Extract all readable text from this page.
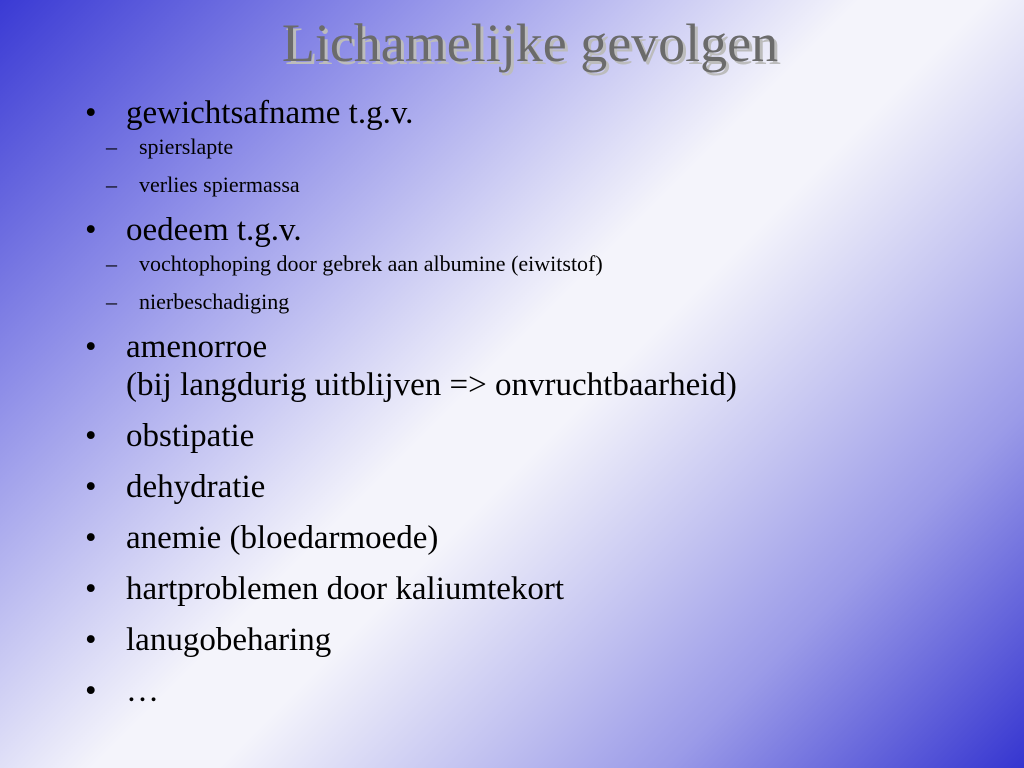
Lichamelijke gevolgen
• gewichtsafname t.g.v.
– spierslapte
– verlies spiermassa
• oedeem t.g.v.
– vochtophoping door gebrek aan albumine (eiwitstof)
– nierbeschadiging
• amenorroe
(bij langdurig uitblijven => onvruchtbaarheid)
• obstipatie
• dehydratie
• anemie (bloedarmoede)
• hartproblemen door kaliumtekort
• lanugobeharing
• …
